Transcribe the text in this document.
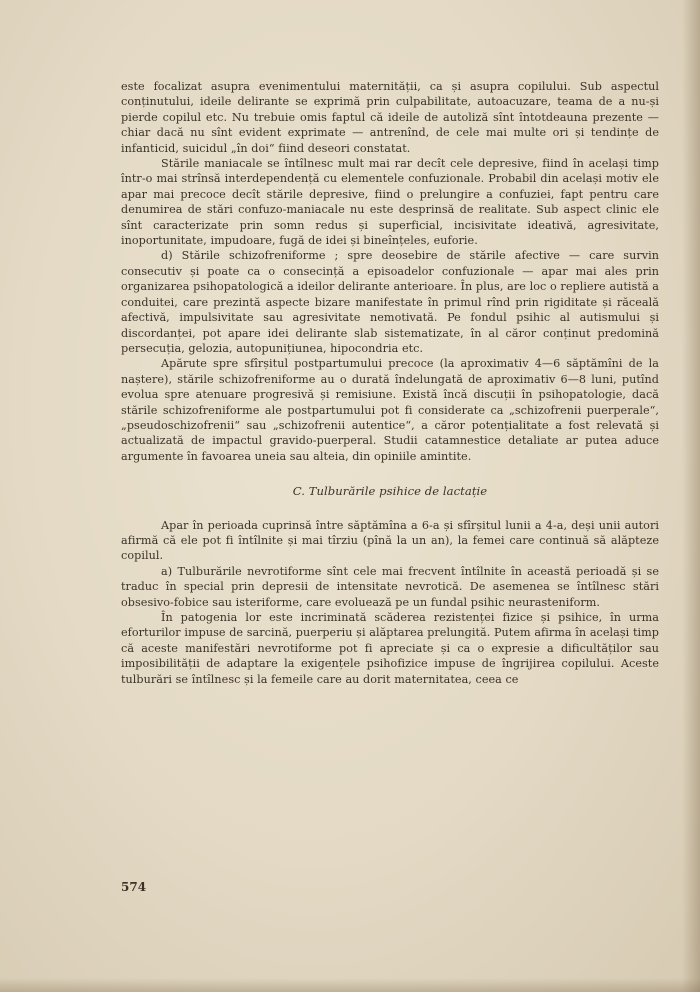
este focalizat asupra evenimentului maternității, ca și asupra copilului. Sub aspectul conținutului, ideile delirante se exprimă prin culpabilitate, autoacuzare, teama de a nu-și pierde copilul etc. Nu trebuie omis faptul că ideile de autoliză sînt întotdeauna prezente — chiar dacă nu sînt evident exprimate — antrenînd, de cele mai multe ori și tendințe de infanticid, suicidul „în doi“ fiind deseori constatat.

Stările maniacale se întîlnesc mult mai rar decît cele depresive, fiind în același timp într-o mai strînsă interdependență cu elementele confuzionale. Probabil din același motiv ele apar mai precoce decît stările depresive, fiind o prelungire a confuziei, fapt pentru care denumirea de stări confuzo-maniacale nu este desprinsă de realitate. Sub aspect clinic ele sînt caracterizate prin somn redus și superficial, incisivitate ideativă, agresivitate, inoportunitate, impudoare, fugă de idei și bineînțeles, euforie.

d) Stările schizofreniforme ; spre deosebire de stările afective — care survin consecutiv și poate ca o consecință a episoadelor confuzionale — apar mai ales prin organizarea psihopatologică a ideilor delirante anterioare. În plus, are loc o repliere autistă a conduitei, care prezintă aspecte bizare manifestate în primul rînd prin rigiditate și răceală afectivă, impulsivitate sau agresivitate nemotivată. Pe fondul psihic al autismului și discordanței, pot apare idei delirante slab sistematizate, în al căror conținut predomină persecuția, gelozia, autopunițiunea, hipocondria etc.

Apărute spre sfîrșitul postpartumului precoce (la aproximativ 4—6 săptămîni de la naștere), stările schizofreniforme au o durată îndelungată de aproximativ 6—8 luni, putînd evolua spre atenuare progresivă și remisiune. Există încă discuții în psihopatologie, dacă stările schizofreniforme ale postpartumului pot fi considerate ca „schizofrenii puerperale“, „pseudoschizofrenii“ sau „schizofrenii autentice“, a căror potențialitate a fost relevată și actualizată de impactul gravido-puerperal. Studii catamnestice detaliate ar putea aduce argumente în favoarea uneia sau alteia, din opiniile amintite.

C. Tulburările psihice de lactație

Apar în perioada cuprinsă între săptămîna a 6-a și sfîrșitul lunii a 4-a, deși unii autori afirmă că ele pot fi întîlnite și mai tîrziu (pînă la un an), la femei care continuă să alăpteze copilul.

a) Tulburările nevrotiforme sînt cele mai frecvent întîlnite în această perioadă și se traduc în special prin depresii de intensitate nevrotică. De asemenea se întîlnesc stări obsesivo-fobice sau isteriforme, care evoluează pe un fundal psihic neurasteniform.

În patogenia lor este incriminată scăderea rezistenței fizice și psihice, în urma eforturilor impuse de sarcină, puerperiu și alăptarea prelungită. Putem afirma în același timp că aceste manifestări nevrotiforme pot fi apreciate și ca o expresie a dificultăților sau imposibilității de adaptare la exigențele psihofizice impuse de îngrijirea copilului. Aceste tulburări se întîlnesc și la femeile care au dorit maternitatea, ceea ce

574
